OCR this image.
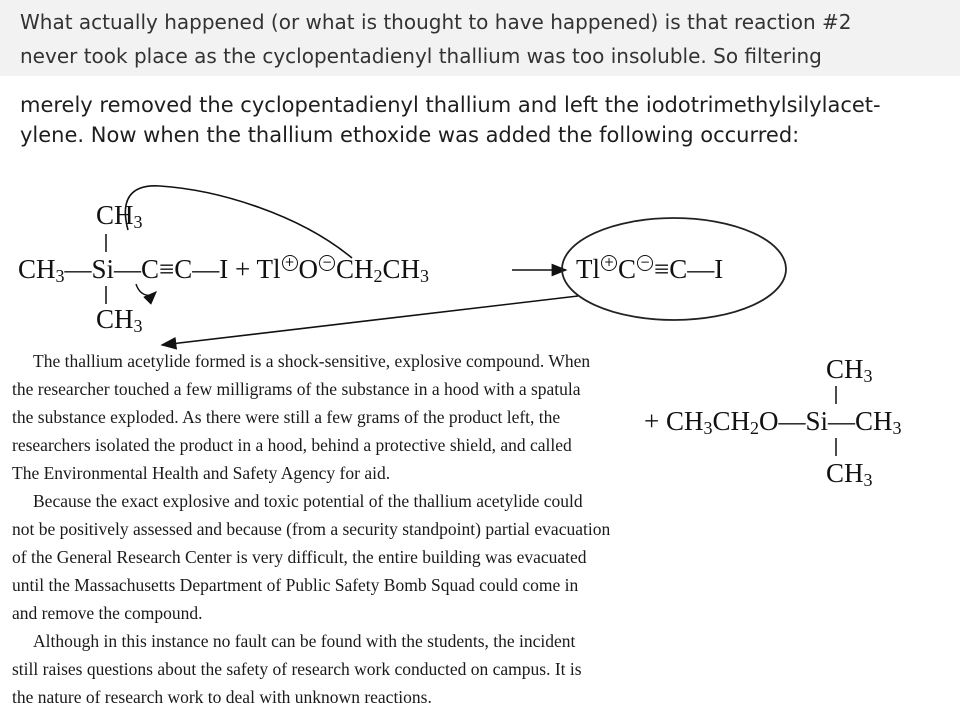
What actually happened (or what is thought to have happened) is that reaction #2
never took place as the cyclopentadienyl thallium was too insoluble. So filtering
merely removed the cyclopentadienyl thallium and left the iodotrimethylsilylacet-
ylene. Now when the thallium ethoxide was added the following occurred:
$CH_3$
$CH_3$
$CH_3—Si—C\equiv C—I + Tl + O - CH_2CH_3$	Tl + C − ≡C—I
$CH_3$
+ $CH_3CH_2O—Si—CH_3$
$CH_3$
The thallium acetylide formed is a shock-sensitive, explosive compound. When
the researcher touched a few milligrams of the substance in a hood with a spatula
the substance exploded. As there were still a few grams of the product left, the
researchers isolated the product in a hood, behind a protective shield, and called
The Environmental Health and Safety Agency for aid.
Because the exact explosive and toxic potential of the thallium acetylide could
not be positively assessed and because (from a security standpoint) partial evacuation
of the General Research Center is very difficult, the entire building was evacuated
until the Massachusetts Department of Public Safety Bomb Squad could come in
and remove the compound.
Although in this instance no fault can be found with the students, the incident
still raises questions about the safety of research work conducted on campus. It is
the nature of research work to deal with unknown reactions.
